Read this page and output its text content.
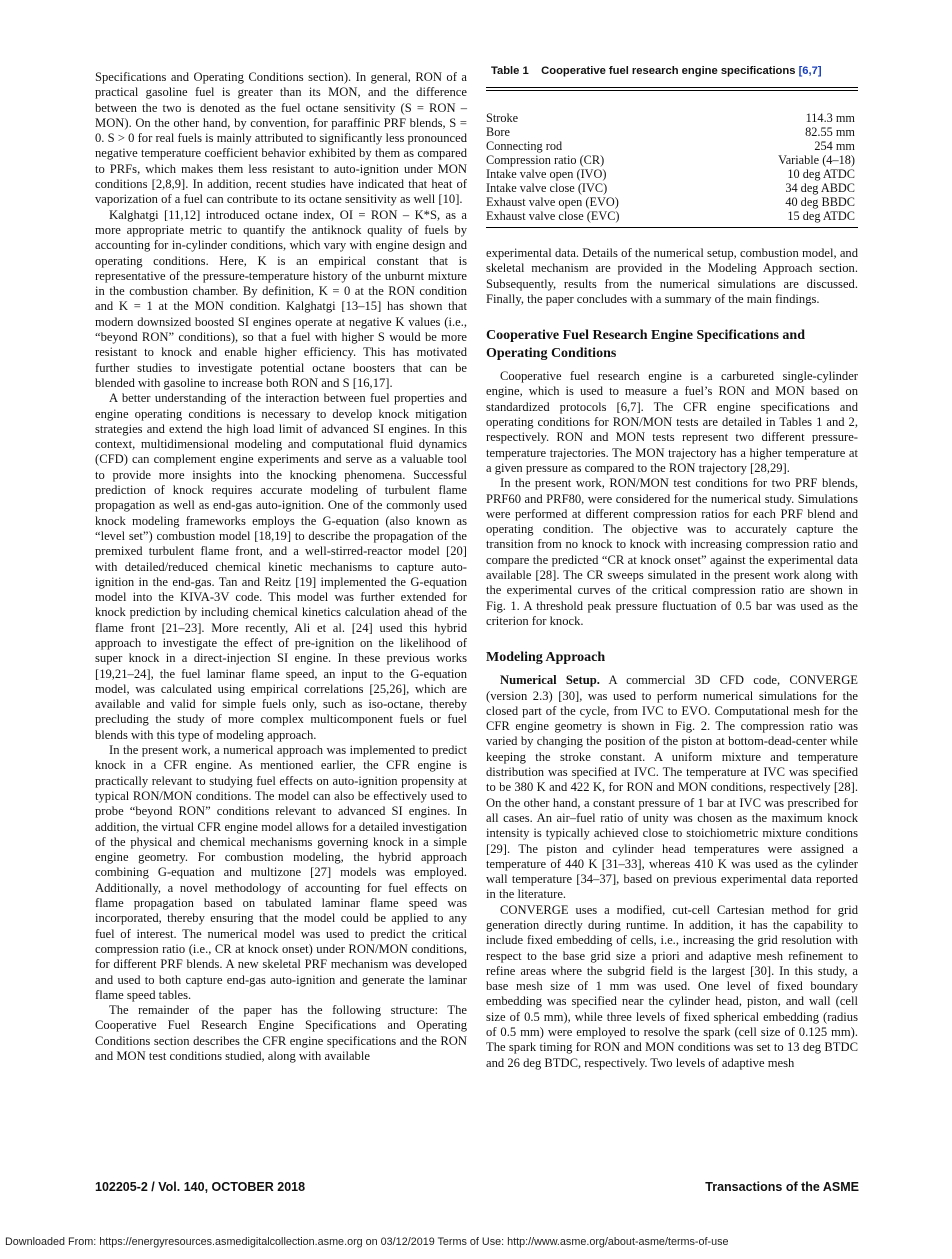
Specifications and Operating Conditions section). In general, RON of a practical gasoline fuel is greater than its MON, and the difference between the two is denoted as the fuel octane sensitivity (S = RON – MON). On the other hand, by convention, for paraffinic PRF blends, S = 0. S > 0 for real fuels is mainly attributed to significantly less pronounced negative temperature coefficient behavior exhibited by them as compared to PRFs, which makes them less resistant to auto-ignition under MON conditions [2,8,9]. In addition, recent studies have indicated that heat of vaporization of a fuel can contribute to its octane sensitivity as well [10].

Kalghatgi [11,12] introduced octane index, OI = RON – K*S, as a more appropriate metric to quantify the antiknock quality of fuels by accounting for in-cylinder conditions, which vary with engine design and operating conditions. Here, K is an empirical constant that is representative of the pressure-temperature history of the unburnt mixture in the combustion chamber. By definition, K = 0 at the RON condition and K = 1 at the MON condition. Kalghatgi [13–15] has shown that modern downsized boosted SI engines operate at negative K values (i.e., “beyond RON” conditions), so that a fuel with higher S would be more resistant to knock and enable higher efficiency. This has motivated further studies to investigate potential octane boosters that can be blended with gasoline to increase both RON and S [16,17].

A better understanding of the interaction between fuel properties and engine operating conditions is necessary to develop knock mitigation strategies and extend the high load limit of advanced SI engines. In this context, multidimensional modeling and computational fluid dynamics (CFD) can complement engine experiments and serve as a valuable tool to provide more insights into the knocking phenomena. Successful prediction of knock requires accurate modeling of turbulent flame propagation as well as end-gas auto-ignition. One of the commonly used knock modeling frameworks employs the G-equation (also known as “level set”) combustion model [18,19] to describe the propagation of the premixed turbulent flame front, and a well-stirred-reactor model [20] with detailed/reduced chemical kinetic mechanisms to capture auto-ignition in the end-gas. Tan and Reitz [19] implemented the G-equation model into the KIVA-3V code. This model was further extended for knock prediction by including chemical kinetics calculation ahead of the flame front [21–23]. More recently, Ali et al. [24] used this hybrid approach to investigate the effect of pre-ignition on the likelihood of super knock in a direct-injection SI engine. In these previous works [19,21–24], the fuel laminar flame speed, an input to the G-equation model, was calculated using empirical correlations [25,26], which are available and valid for simple fuels only, such as iso-octane, thereby precluding the study of more complex multicomponent fuels or fuel blends with this type of modeling approach.

In the present work, a numerical approach was implemented to predict knock in a CFR engine. As mentioned earlier, the CFR engine is practically relevant to studying fuel effects on auto-ignition propensity at typical RON/MON conditions. The model can also be effectively used to probe “beyond RON” conditions relevant to advanced SI engines. In addition, the virtual CFR engine model allows for a detailed investigation of the physical and chemical mechanisms governing knock in a simple engine geometry. For combustion modeling, the hybrid approach combining G-equation and multizone [27] models was employed. Additionally, a novel methodology of accounting for fuel effects on flame propagation based on tabulated laminar flame speed was incorporated, thereby ensuring that the model could be applied to any fuel of interest. The numerical model was used to predict the critical compression ratio (i.e., CR at knock onset) under RON/MON conditions, for different PRF blends. A new skeletal PRF mechanism was developed and used to both capture end-gas auto-ignition and generate the laminar flame speed tables.

The remainder of the paper has the following structure: The Cooperative Fuel Research Engine Specifications and Operating Conditions section describes the CFR engine specifications and the RON and MON test conditions studied, along with available

Table 1 Cooperative fuel research engine specifications [6,7]
Stroke	114.3 mm
Bore	82.55 mm
Connecting rod	254 mm
Compression ratio (CR)	Variable (4–18)
Intake valve open (IVO)	10 deg ATDC
Intake valve close (IVC)	34 deg ABDC
Exhaust valve open (EVO)	40 deg BBDC
Exhaust valve close (EVC)	15 deg ATDC

experimental data. Details of the numerical setup, combustion model, and skeletal mechanism are provided in the Modeling Approach section. Subsequently, results from the numerical simulations are discussed. Finally, the paper concludes with a summary of the main findings.

Cooperative Fuel Research Engine Specifications and Operating Conditions

Cooperative fuel research engine is a carbureted single-cylinder engine, which is used to measure a fuel’s RON and MON based on standardized protocols [6,7]. The CFR engine specifications and operating conditions for RON/MON tests are detailed in Tables 1 and 2, respectively. RON and MON tests represent two different pressure-temperature trajectories. The MON trajectory has a higher temperature at a given pressure as compared to the RON trajectory [28,29].

In the present work, RON/MON test conditions for two PRF blends, PRF60 and PRF80, were considered for the numerical study. Simulations were performed at different compression ratios for each PRF blend and operating condition. The objective was to accurately capture the transition from no knock to knock with increasing compression ratio and compare the predicted “CR at knock onset” against the experimental data available [28]. The CR sweeps simulated in the present work along with the experimental curves of the critical compression ratio are shown in Fig. 1. A threshold peak pressure fluctuation of 0.5 bar was used as the criterion for knock.

Modeling Approach

Numerical Setup. A commercial 3D CFD code, CONVERGE (version 2.3) [30], was used to perform numerical simulations for the closed part of the cycle, from IVC to EVO. Computational mesh for the CFR engine geometry is shown in Fig. 2. The compression ratio was varied by changing the position of the piston at bottom-dead-center while keeping the stroke constant. A uniform mixture and temperature distribution was specified at IVC. The temperature at IVC was specified to be 380 K and 422 K, for RON and MON conditions, respectively [28]. On the other hand, a constant pressure of 1 bar at IVC was prescribed for all cases. An air–fuel ratio of unity was chosen as the maximum knock intensity is typically achieved close to stoichiometric mixture conditions [29]. The piston and cylinder head temperatures were assigned a temperature of 440 K [31–33], whereas 410 K was used as the cylinder wall temperature [34–37], based on previous experimental data reported in the literature.

CONVERGE uses a modified, cut-cell Cartesian method for grid generation directly during runtime. In addition, it has the capability to include fixed embedding of cells, i.e., increasing the grid resolution with respect to the base grid size a priori and adaptive mesh refinement to refine areas where the subgrid field is the largest [30]. In this study, a base mesh size of 1 mm was used. One level of fixed boundary embedding was specified near the cylinder head, piston, and wall (cell size of 0.5 mm), while three levels of fixed spherical embedding (radius of 0.5 mm) were employed to resolve the spark (cell size of 0.125 mm). The spark timing for RON and MON conditions was set to 13 deg BTDC and 26 deg BTDC, respectively. Two levels of adaptive mesh

102205-2 / Vol. 140, OCTOBER 2018	Transactions of the ASME
Downloaded From: https://energyresources.asmedigitalcollection.asme.org on 03/12/2019 Terms of Use: http://www.asme.org/about-asme/terms-of-use
